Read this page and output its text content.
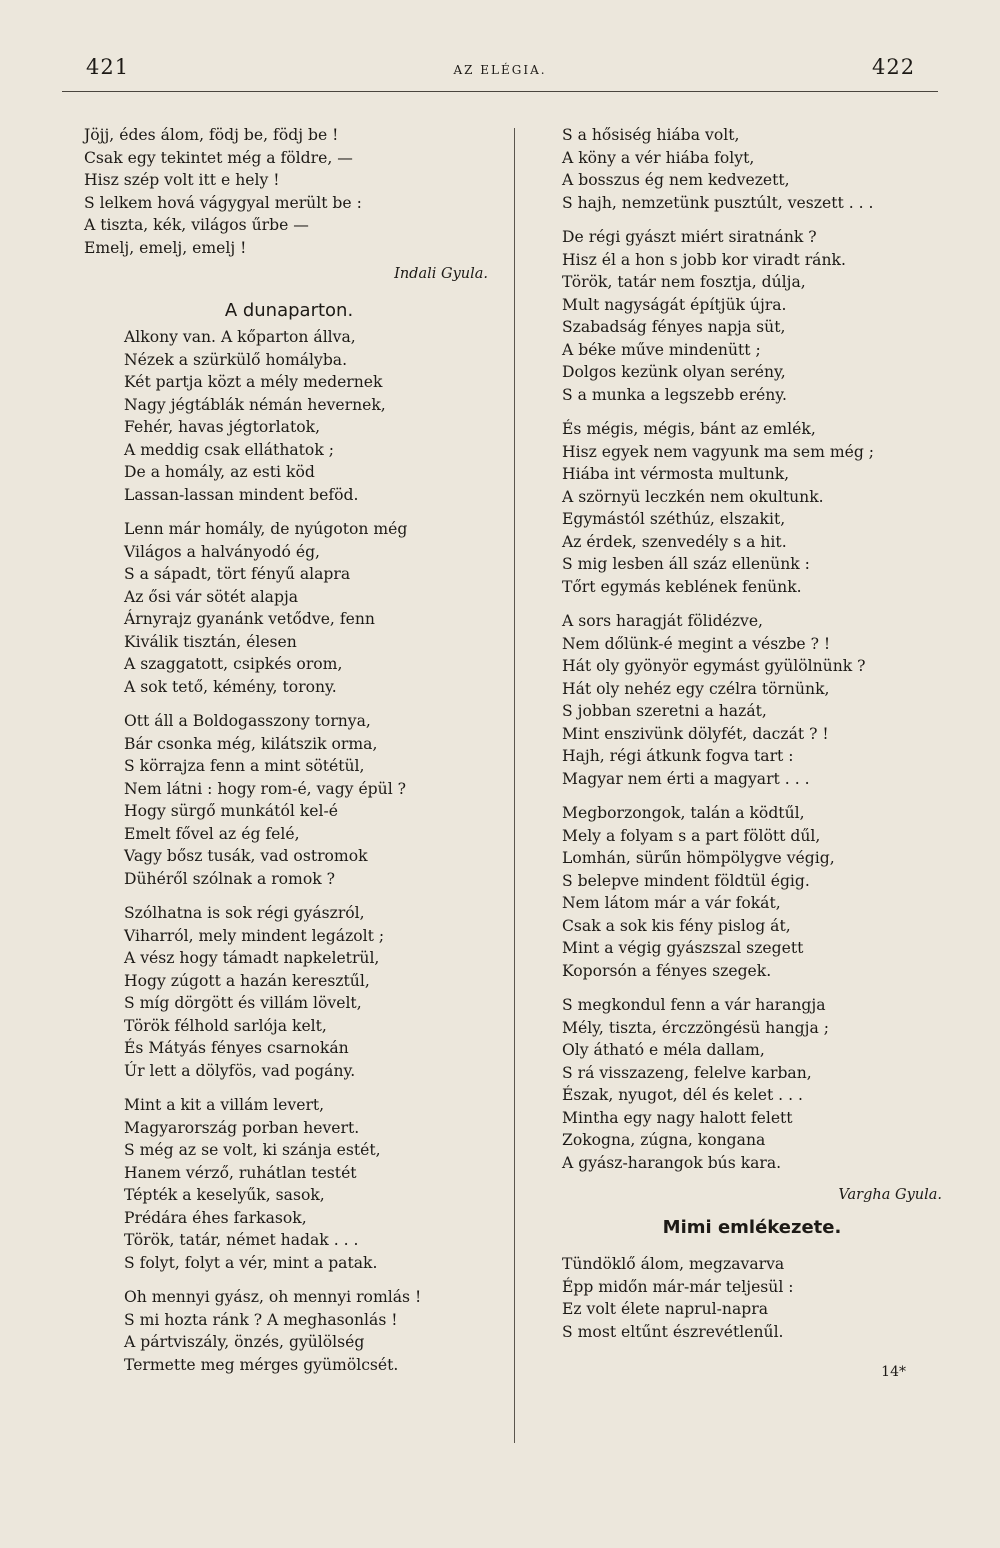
421	AZ ELÉGIA.	422
Jöjj, édes álom, födj be, födj be !
Csak egy tekintet még a földre, —
Hisz szép volt itt e hely !
S lelkem hová vágygyal merült be :
A tiszta, kék, világos űrbe —
Emelj, emelj, emelj !
Indali Gyula.
A dunaparton.
Alkony van. A kőparton állva,
Nézek a szürkülő homályba.
Két partja közt a mély medernek
Nagy jégtáblák némán hevernek,
Fehér, havas jégtorlatok,
A meddig csak elláthatok ;
De a homály, az esti köd
Lassan-lassan mindent beföd.
Lenn már homály, de nyúgoton még
Világos a halványodó ég,
S a sápadt, tört fényű alapra
Az ősi vár sötét alapja
Árnyrajz gyanánk vetődve, fenn
Kiválik tisztán, élesen
A szaggatott, csipkés orom,
A sok tető, kémény, torony.
Ott áll a Boldogasszony tornya,
Bár csonka még, kilátszik orma,
S körrajza fenn a mint sötétül,
Nem látni : hogy rom-é, vagy épül ?
Hogy sürgő munkától kel-é
Emelt fővel az ég felé,
Vagy bősz tusák, vad ostromok
Dühéről szólnak a romok ?
Szólhatna is sok régi gyászról,
Viharról, mely mindent legázolt ;
A vész hogy támadt napkeletrül,
Hogy zúgott a hazán keresztűl,
S míg dörgött és villám lövelt,
Török félhold sarlója kelt,
És Mátyás fényes csarnokán
Úr lett a dölyfös, vad pogány.
Mint a kit a villám levert,
Magyarország porban hevert.
S még az se volt, ki szánja estét,
Hanem vérző, ruhátlan testét
Tépték a keselyűk, sasok,
Prédára éhes farkasok,
Török, tatár, német hadak . . .
S folyt, folyt a vér, mint a patak.
Oh mennyi gyász, oh mennyi romlás !
S mi hozta ránk ? A meghasonlás !
A pártviszály, önzés, gyülölség
Termette meg mérges gyümölcsét.
S a hősiség hiába volt,
A köny a vér hiába folyt,
A bosszus ég nem kedvezett,
S hajh, nemzetünk pusztúlt, veszett . . .
De régi gyászt miért siratnánk ?
Hisz él a hon s jobb kor viradt ránk.
Török, tatár nem fosztja, dúlja,
Mult nagyságát építjük újra.
Szabadság fényes napja süt,
A béke műve mindenütt ;
Dolgos kezünk olyan serény,
S a munka a legszebb erény.
És mégis, mégis, bánt az emlék,
Hisz egyek nem vagyunk ma sem még ;
Hiába int vérmosta multunk,
A szörnyü leczkén nem okultunk.
Egymástól széthúz, elszakit,
Az érdek, szenvedély s a hit.
S mig lesben áll száz ellenünk :
Tőrt egymás keblének fenünk.
A sors haragját fölidézve,
Nem dőlünk-é megint a vészbe ? !
Hát oly gyönyör egymást gyülölnünk ?
Hát oly nehéz egy czélra törnünk,
S jobban szeretni a hazát,
Mint enszivünk dölyfét, daczát ? !
Hajh, régi átkunk fogva tart :
Magyar nem érti a magyart . . .
Megborzongok, talán a ködtűl,
Mely a folyam s a part fölött dűl,
Lomhán, sürűn hömpölygve végig,
S belepve mindent földtül égig.
Nem látom már a vár fokát,
Csak a sok kis fény pislog át,
Mint a végig gyászszal szegett
Koporsón a fényes szegek.
S megkondul fenn a vár harangja
Mély, tiszta, érczzöngésü hangja ;
Oly átható e méla dallam,
S rá visszazeng, felelve karban,
Észak, nyugot, dél és kelet . . .
Mintha egy nagy halott felett
Zokogna, zúgna, kongana
A gyász-harangok bús kara.
Vargha Gyula.
Mimi emlékezete.
Tündöklő álom, megzavarva
Épp midőn már-már teljesül :
Ez volt élete naprul-napra
S most eltűnt észrevétlenűl.
14*
